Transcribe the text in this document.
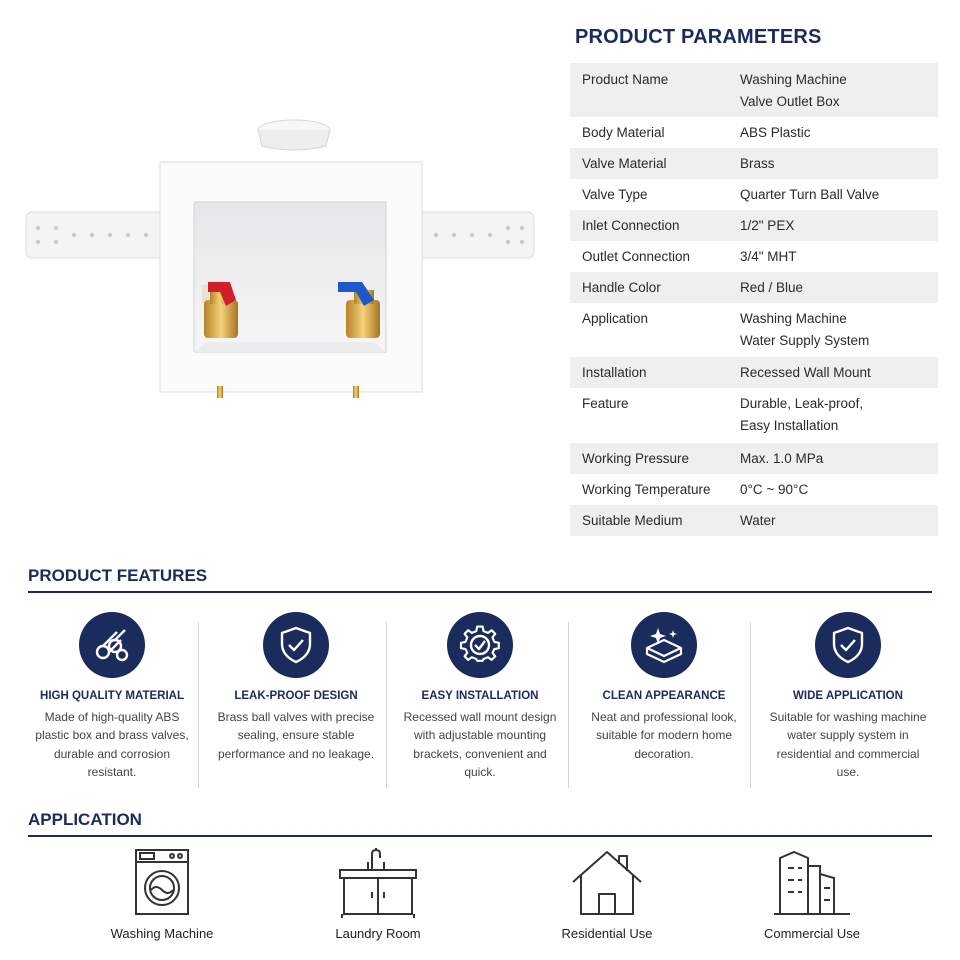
PRODUCT PARAMETERS
Product Name	Washing Machine
Valve Outlet Box
Body Material	ABS Plastic
Valve Material	Brass
Valve Type	Quarter Turn Ball Valve
Inlet Connection	1/2" PEX
Outlet Connection	3/4" MHT
Handle Color	Red / Blue
Application	Washing Machine
Water Supply System
Installation	Recessed Wall Mount
Feature	Durable, Leak-proof,
Easy Installation
Working Pressure	Max. 1.0 MPa
Working Temperature	0°C ~ 90°C
Suitable Medium	Water
PRODUCT FEATURES
HIGH QUALITY MATERIAL
Made of high-quality ABS plastic box and brass valves, durable and corrosion resistant.
LEAK-PROOF DESIGN
Brass ball valves with precise sealing, ensure stable performance and no leakage.
EASY INSTALLATION
Recessed wall mount design with adjustable mounting brackets, convenient and quick.
CLEAN APPEARANCE
Neat and professional look, suitable for modern home decoration.
WIDE APPLICATION
Suitable for washing machine water supply system in residential and commercial use.
APPLICATION
Washing Machine	Laundry Room	Residential Use	Commercial Use
